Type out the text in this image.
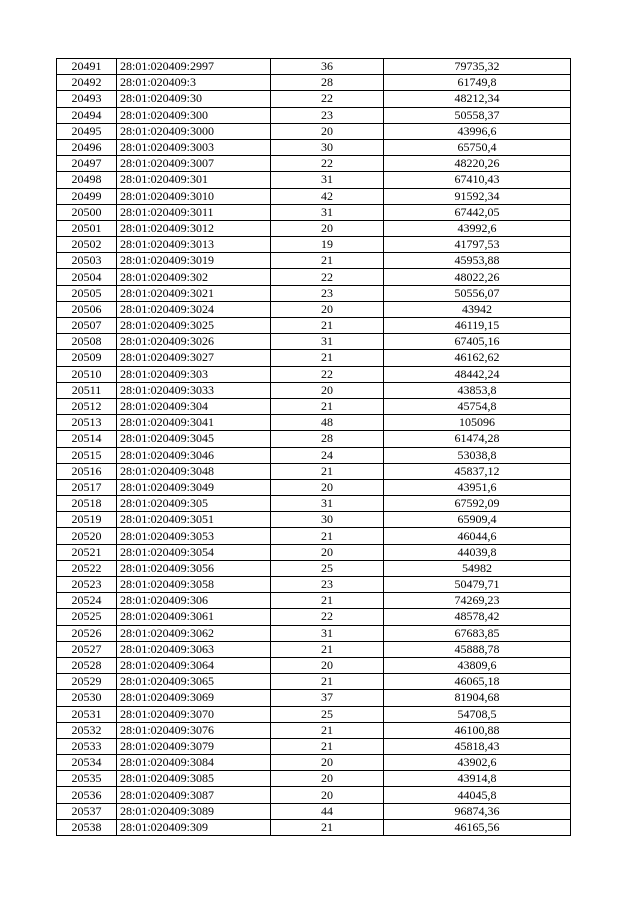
20491	28:01:020409:2997	36	79735,32
20492	28:01:020409:3	28	61749,8
20493	28:01:020409:30	22	48212,34
20494	28:01:020409:300	23	50558,37
20495	28:01:020409:3000	20	43996,6
20496	28:01:020409:3003	30	65750,4
20497	28:01:020409:3007	22	48220,26
20498	28:01:020409:301	31	67410,43
20499	28:01:020409:3010	42	91592,34
20500	28:01:020409:3011	31	67442,05
20501	28:01:020409:3012	20	43992,6
20502	28:01:020409:3013	19	41797,53
20503	28:01:020409:3019	21	45953,88
20504	28:01:020409:302	22	48022,26
20505	28:01:020409:3021	23	50556,07
20506	28:01:020409:3024	20	43942
20507	28:01:020409:3025	21	46119,15
20508	28:01:020409:3026	31	67405,16
20509	28:01:020409:3027	21	46162,62
20510	28:01:020409:303	22	48442,24
20511	28:01:020409:3033	20	43853,8
20512	28:01:020409:304	21	45754,8
20513	28:01:020409:3041	48	105096
20514	28:01:020409:3045	28	61474,28
20515	28:01:020409:3046	24	53038,8
20516	28:01:020409:3048	21	45837,12
20517	28:01:020409:3049	20	43951,6
20518	28:01:020409:305	31	67592,09
20519	28:01:020409:3051	30	65909,4
20520	28:01:020409:3053	21	46044,6
20521	28:01:020409:3054	20	44039,8
20522	28:01:020409:3056	25	54982
20523	28:01:020409:3058	23	50479,71
20524	28:01:020409:306	21	74269,23
20525	28:01:020409:3061	22	48578,42
20526	28:01:020409:3062	31	67683,85
20527	28:01:020409:3063	21	45888,78
20528	28:01:020409:3064	20	43809,6
20529	28:01:020409:3065	21	46065,18
20530	28:01:020409:3069	37	81904,68
20531	28:01:020409:3070	25	54708,5
20532	28:01:020409:3076	21	46100,88
20533	28:01:020409:3079	21	45818,43
20534	28:01:020409:3084	20	43902,6
20535	28:01:020409:3085	20	43914,8
20536	28:01:020409:3087	20	44045,8
20537	28:01:020409:3089	44	96874,36
20538	28:01:020409:309	21	46165,56
